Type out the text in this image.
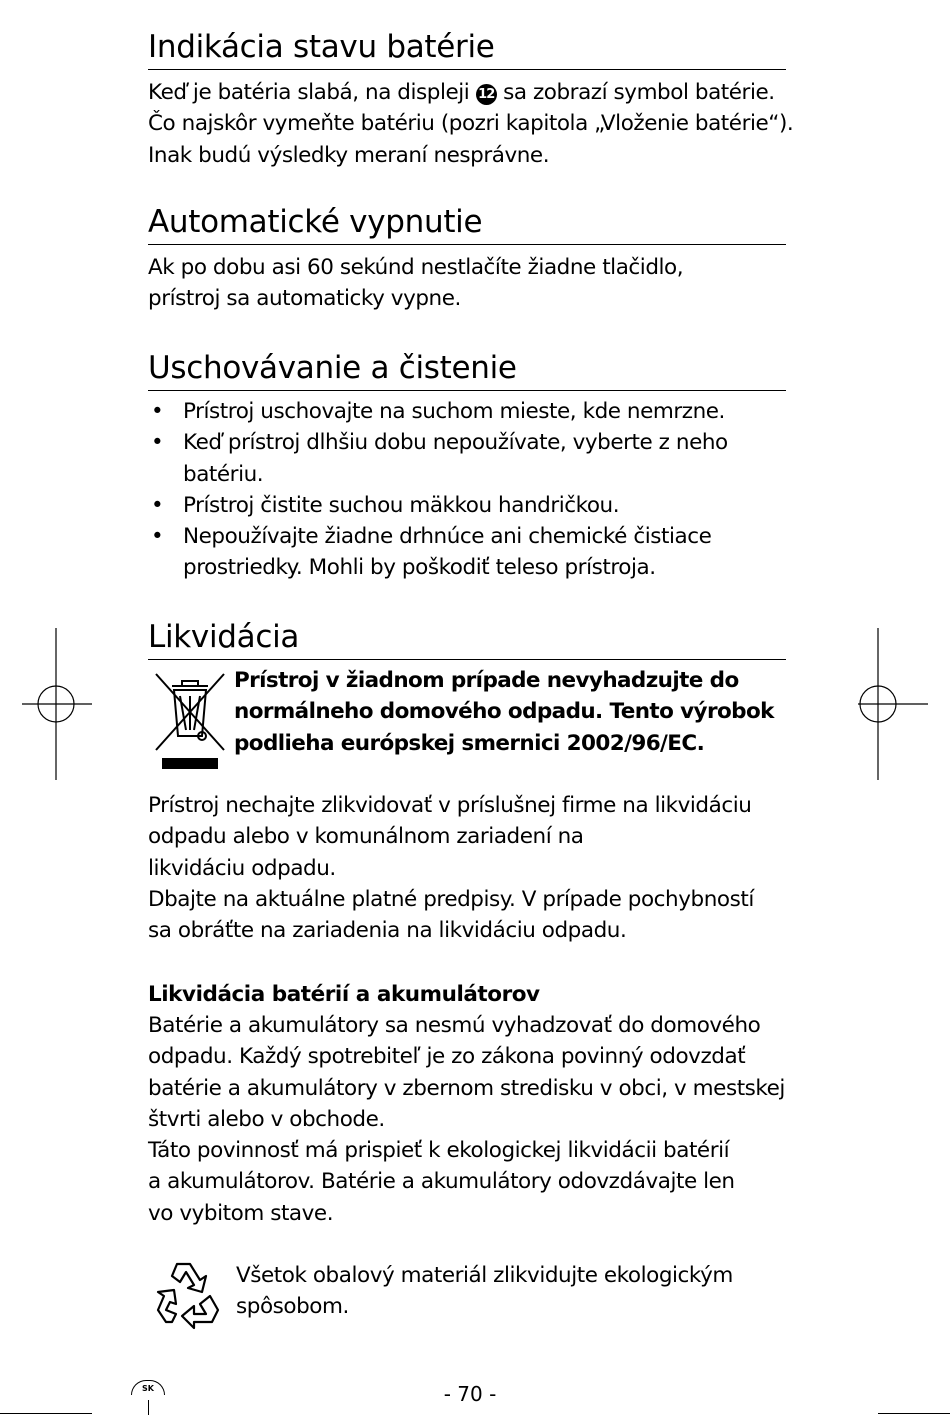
Indikácia stavu batérie
Keď je batéria slabá, na displeji 12 sa zobrazí symbol batérie.
Čo najskôr vymeňte batériu (pozri kapitola „Vloženie batérie“).
Inak budú výsledky meraní nesprávne.
Automatické vypnutie
Ak po dobu asi 60 sekúnd nestlačíte žiadne tlačidlo,
prístroj sa automaticky vypne.
Uschovávanie a čistenie
• Prístroj uschovajte na suchom mieste, kde nemrzne.
• Keď prístroj dlhšiu dobu nepoužívate, vyberte z neho
batériu.
• Prístroj čistite suchou mäkkou handričkou.
• Nepoužívajte žiadne drhnúce ani chemické čistiace
prostriedky. Mohli by poškodiť teleso prístroja.
Likvidácia
Prístroj v žiadnom prípade nevyhadzujte do
normálneho domového odpadu. Tento výrobok
podlieha európskej smernici 2002/96/EC.
Prístroj nechajte zlikvidovať v príslušnej firme na likvidáciu
odpadu alebo v komunálnom zariadení na
likvidáciu odpadu.
Dbajte na aktuálne platné predpisy. V prípade pochybností
sa obráťte na zariadenia na likvidáciu odpadu.
Likvidácia batérií a akumulátorov
Batérie a akumulátory sa nesmú vyhadzovať do domového
odpadu. Každý spotrebiteľ je zo zákona povinný odovzdať
batérie a akumulátory v zbernom stredisku v obci, v mestskej
štvrti alebo v obchode.
Táto povinnosť má prispieť k ekologickej likvidácii batérií
a akumulátorov. Batérie a akumulátory odovzdávajte len
vo vybitom stave.
Všetok obalový materiál zlikvidujte ekologickým
spôsobom.
SK	- 70 -
